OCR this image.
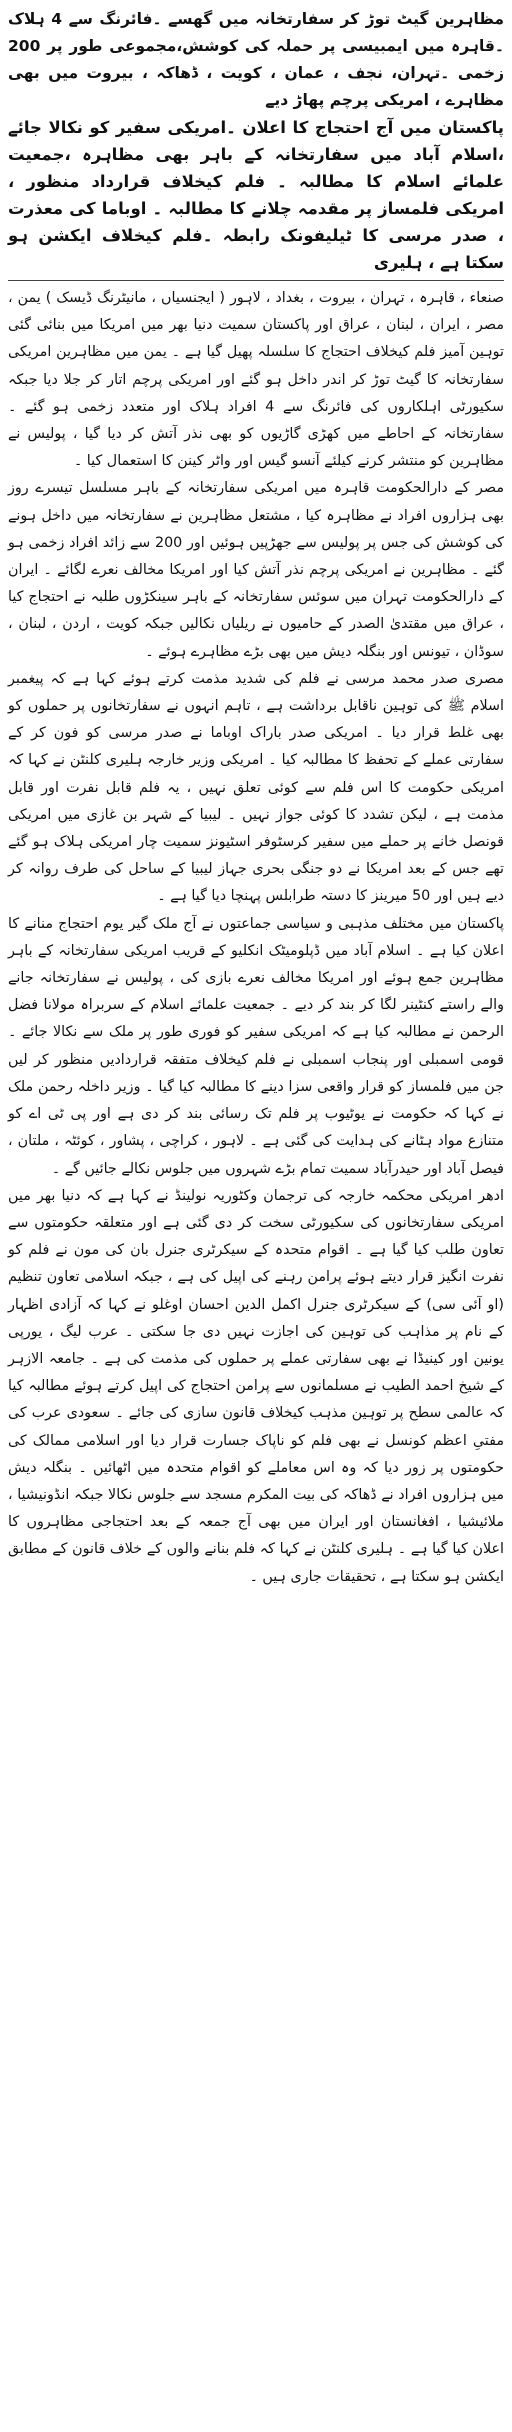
مظاہرین گیٹ توڑ کر سفارتخانہ میں گھسے ۔فائرنگ سے 4 ہلاک ۔قاہرہ میں ایمبیسی پر حملہ کی کوشش،مجموعی طور پر 200 زخمی ۔تہران، نجف ، عمان ، کویت ، ڈھاکہ ، بیروت میں بھی مظاہرے ، امریکی پرچم پھاڑ دیے

پاکستان میں آج احتجاج کا اعلان ۔امریکی سفیر کو نکالا جائے ،اسلام آباد میں سفارتخانہ کے باہر بھی مظاہرہ ،جمعیت علمائے اسلام کا مطالبہ ۔ فلم کیخلاف قرارداد منظور ، امریکی فلمساز پر مقدمہ چلانے کا مطالبہ ۔ اوباما کی معذرت ، صدر مرسی کا ٹیلیفونک رابطہ ۔فلم کیخلاف ایکشن ہو سکتا ہے ، ہلیری

صنعاء ، قاہرہ ، تہران ، بیروت ، بغداد ، لاہور ( ایجنسیاں ، مانیٹرنگ ڈیسک ) یمن ، مصر ، ایران ، لبنان ، عراق اور پاکستان سمیت دنیا بھر میں امریکا میں بنائی گئی توہین آمیز فلم کیخلاف احتجاج کا سلسلہ پھیل گیا ہے ۔ یمن میں مظاہرین امریکی سفارتخانہ کا گیٹ توڑ کر اندر داخل ہو گئے اور امریکی پرچم اتار کر جلا دیا جبکہ سکیورٹی اہلکاروں کی فائرنگ سے 4 افراد ہلاک اور متعدد زخمی ہو گئے ۔ سفارتخانہ کے احاطے میں کھڑی گاڑیوں کو بھی نذر آتش کر دیا گیا ، پولیس نے مظاہرین کو منتشر کرنے کیلئے آنسو گیس اور واٹر کینن کا استعمال کیا ۔
مصر کے دارالحکومت قاہرہ میں امریکی سفارتخانہ کے باہر مسلسل تیسرے روز بھی ہزاروں افراد نے مظاہرہ کیا ، مشتعل مظاہرین نے سفارتخانہ میں داخل ہونے کی کوشش کی جس پر پولیس سے جھڑپیں ہوئیں اور 200 سے زائد افراد زخمی ہو گئے ۔ مظاہرین نے امریکی پرچم نذر آتش کیا اور امریکا مخالف نعرے لگائے ۔ ایران کے دارالحکومت تہران میں سوئس سفارتخانہ کے باہر سینکڑوں طلبہ نے احتجاج کیا ، عراق میں مقتدیٰ الصدر کے حامیوں نے ریلیاں نکالیں جبکہ کویت ، اردن ، لبنان ، سوڈان ، تیونس اور بنگلہ دیش میں بھی بڑے مظاہرے ہوئے ۔
مصری صدر محمد مرسی نے فلم کی شدید مذمت کرتے ہوئے کہا ہے کہ پیغمبر اسلام ﷺ کی توہین ناقابل برداشت ہے ، تاہم انہوں نے سفارتخانوں پر حملوں کو بھی غلط قرار دیا ۔ امریکی صدر باراک اوباما نے صدر مرسی کو فون کر کے سفارتی عملے کے تحفظ کا مطالبہ کیا ۔ امریکی وزیر خارجہ ہلیری کلنٹن نے کہا کہ امریکی حکومت کا اس فلم سے کوئی تعلق نہیں ، یہ فلم قابل نفرت اور قابل مذمت ہے ، لیکن تشدد کا کوئی جواز نہیں ۔ لیبیا کے شہر بن غازی میں امریکی قونصل خانے پر حملے میں سفیر کرسٹوفر اسٹیونز سمیت چار امریکی ہلاک ہو گئے تھے جس کے بعد امریکا نے دو جنگی بحری جہاز لیبیا کے ساحل کی طرف روانہ کر دیے ہیں اور 50 میرینز کا دستہ طرابلس پہنچا دیا گیا ہے ۔
پاکستان میں مختلف مذہبی و سیاسی جماعتوں نے آج ملک گیر یوم احتجاج منانے کا اعلان کیا ہے ۔ اسلام آباد میں ڈپلومیٹک انکلیو کے قریب امریکی سفارتخانہ کے باہر مظاہرین جمع ہوئے اور امریکا مخالف نعرے بازی کی ، پولیس نے سفارتخانہ جانے والے راستے کنٹینر لگا کر بند کر دیے ۔ جمعیت علمائے اسلام کے سربراہ مولانا فضل الرحمن نے مطالبہ کیا ہے کہ امریکی سفیر کو فوری طور پر ملک سے نکالا جائے ۔ قومی اسمبلی اور پنجاب اسمبلی نے فلم کیخلاف متفقہ قراردادیں منظور کر لیں جن میں فلمساز کو قرار واقعی سزا دینے کا مطالبہ کیا گیا ۔ وزیر داخلہ رحمن ملک نے کہا کہ حکومت نے یوٹیوب پر فلم تک رسائی بند کر دی ہے اور پی ٹی اے کو متنازع مواد ہٹانے کی ہدایت کی گئی ہے ۔ لاہور ، کراچی ، پشاور ، کوئٹہ ، ملتان ، فیصل آباد اور حیدرآباد سمیت تمام بڑے شہروں میں جلوس نکالے جائیں گے ۔
ادھر امریکی محکمہ خارجہ کی ترجمان وکٹوریہ نولینڈ نے کہا ہے کہ دنیا بھر میں امریکی سفارتخانوں کی سکیورٹی سخت کر دی گئی ہے اور متعلقہ حکومتوں سے تعاون طلب کیا گیا ہے ۔ اقوام متحدہ کے سیکرٹری جنرل بان کی مون نے فلم کو نفرت انگیز قرار دیتے ہوئے پرامن رہنے کی اپیل کی ہے ، جبکہ اسلامی تعاون تنظیم (او آئی سی) کے سیکرٹری جنرل اکمل الدین احسان اوغلو نے کہا کہ آزادی اظہار کے نام پر مذاہب کی توہین کی اجازت نہیں دی جا سکتی ۔ عرب لیگ ، یورپی یونین اور کینیڈا نے بھی سفارتی عملے پر حملوں کی مذمت کی ہے ۔ جامعہ الازہر کے شیخ احمد الطیب نے مسلمانوں سے پرامن احتجاج کی اپیل کرتے ہوئے مطالبہ کیا کہ عالمی سطح پر توہین مذہب کیخلاف قانون سازی کی جائے ۔ سعودی عرب کی مفتیِ اعظم کونسل نے بھی فلم کو ناپاک جسارت قرار دیا اور اسلامی ممالک کی حکومتوں پر زور دیا کہ وہ اس معاملے کو اقوام متحدہ میں اٹھائیں ۔ بنگلہ دیش میں ہزاروں افراد نے ڈھاکہ کی بیت المکرم مسجد سے جلوس نکالا جبکہ انڈونیشیا ، ملائیشیا ، افغانستان اور ایران میں بھی آج جمعہ کے بعد احتجاجی مظاہروں کا اعلان کیا گیا ہے ۔ ہلیری کلنٹن نے کہا کہ فلم بنانے والوں کے خلاف قانون کے مطابق ایکشن ہو سکتا ہے ، تحقیقات جاری ہیں ۔
